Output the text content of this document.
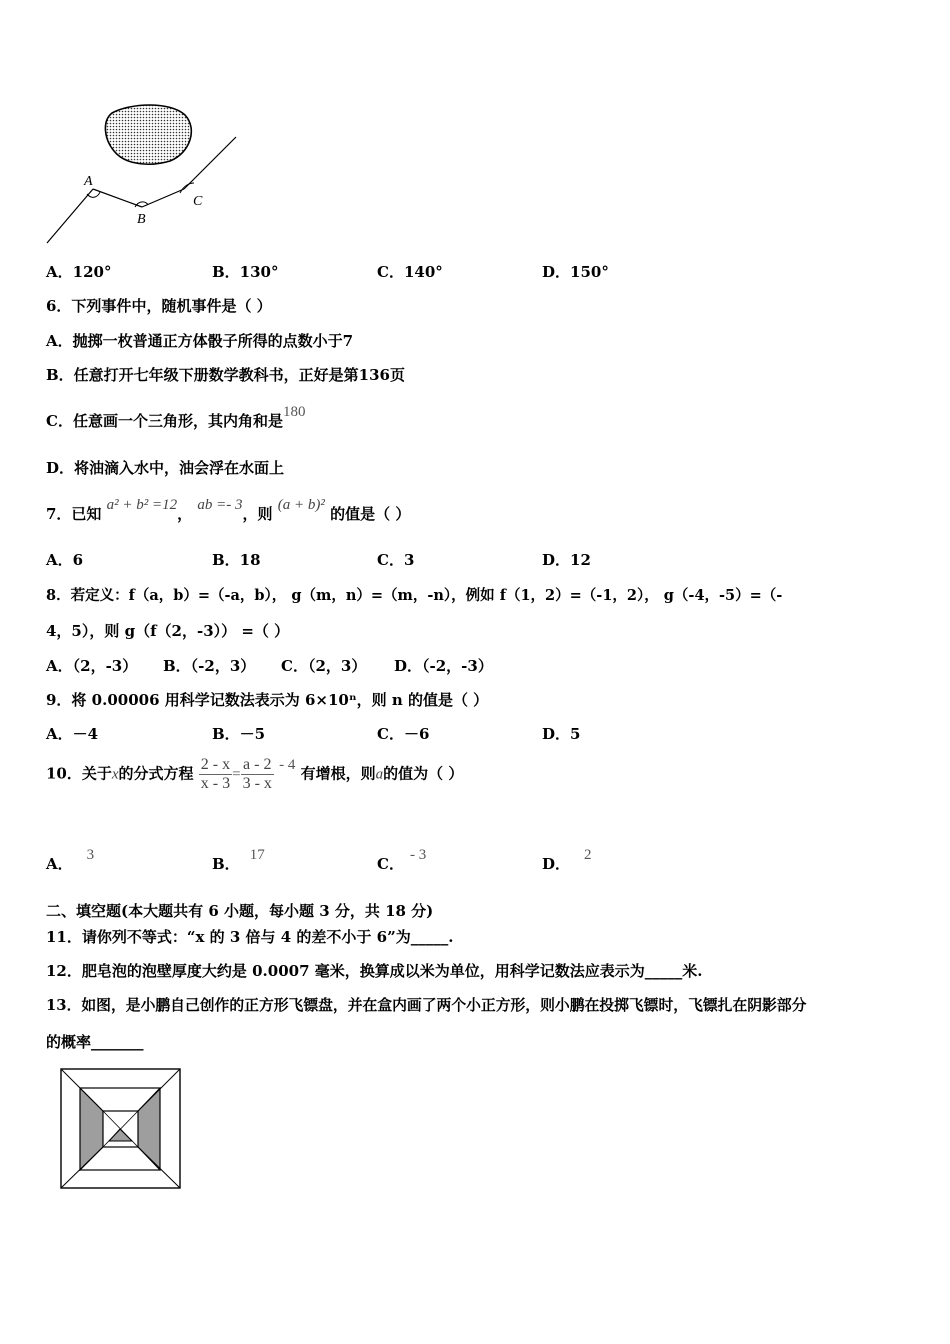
A
B
C
A．120°	B．130°	C．140°	D．150°
6．下列事件中，随机事件是（ ）
A．抛掷一枚普通正方体骰子所得的点数小于7
B．任意打开七年级下册数学教科书，正好是第136页
C．任意画一个三角形，其内角和是180
D．将油滴入水中，油会浮在水面上
7．已知 a² + b² =12， ab =- 3，则 (a + b)² 的值是（ ）
A．6	B．18	C．3	D．12
8．若定义：f（a，b）=（-a，b）， g（m，n）=（m，-n），例如 f（1，2）=（-1，2）， g（-4，-5）=（-
4，5），则 g（f（2，-3）） =（ ）
A．（2，-3） B．（-2，3） C．（2，3） D．（-2，-3）
9．将 0.00006 用科学记数法表示为 6×10ⁿ，则 n 的值是（ ）
A．－4	B．－5	C．－6	D．5
10．关于x的分式方程 $\frac{2 - x}{x - 3} = \frac{a - 2}{3 - x} - 4$ 有增根，则a的值为（ ）
A． 3	B． 17	C． - 3	D． 2
二、填空题(本大题共有 6 小题，每小题 3 分，共 18 分)
11．请你列不等式：“x 的 3 倍与 4 的差不小于 6”为_____.
12．肥皂泡的泡壁厚度大约是 0.0007 毫米，换算成以米为单位，用科学记数法应表示为_____米.
13．如图，是小鹏自己创作的正方形飞镖盘，并在盒内画了两个小正方形，则小鹏在投掷飞镖时，飞镖扎在阴影部分
的概率_______
